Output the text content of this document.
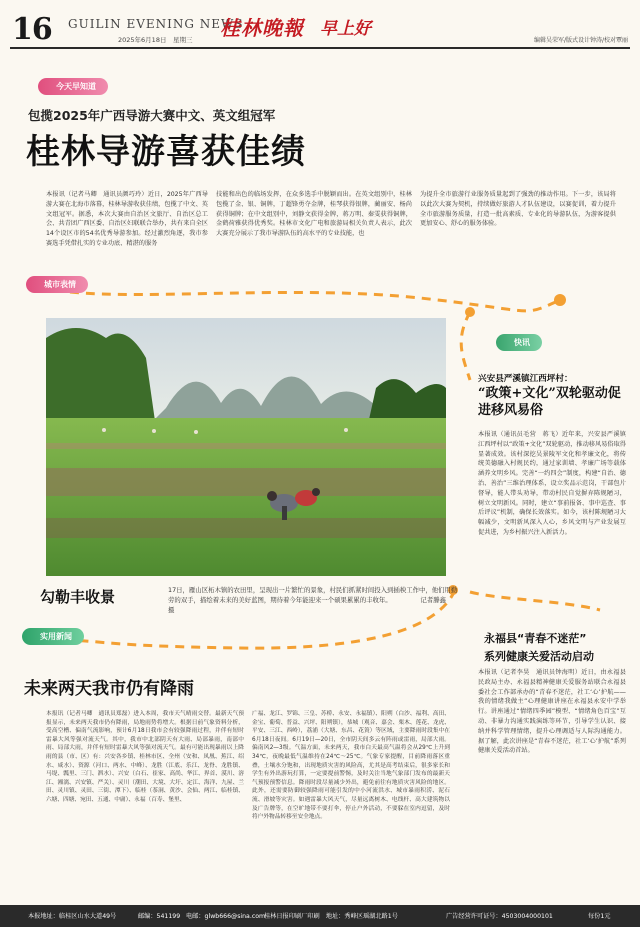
16 GUILIN EVENING NEWS
桂林晚報 早上好
2025年6月18日　星期三	编辑吴荣军/版式设计钟涛/校对覃丽
今天早知道
包揽2025年广西导游大赛中文、英文组冠军
桂林导游喜获佳绩
本报讯（记者马卿　通讯员颜巧玲）近日，2025年广西导游大赛在北海市落幕，桂林导游收获佳绩，包揽了中文、英文组冠军。据悉，本次大赛由自治区文旅厅、自治区总工会、共青团广西区委、自治区妇联联合举办，共有来自全区14个设区市的54名优秀导游参加。经过激烈角逐，我市参赛选手凭借扎实的专业功底、精湛的服务
技能和出色的临场发挥，在众多选手中脱颖而出。在英文组别中，桂林包揽了金、银、铜牌，丁超锋勇夺金牌，桂琴获得银牌，蔺丽安、杨尚获得铜牌；在中文组别中，刘静文获得金牌，蒋万明、秦雯获得铜牌，金鹤荷雅获得优秀奖。桂林市文化广电和旅游局相关负责人表示，此次大赛充分展示了我市导游队伍的高水平的专业技能，也
为提升全市旅游行业服务质量起到了强劲的推动作用。下一步，该局将以此次大赛为契机，持续做好旅游人才队伍建设，以赛促训，着力提升全市旅游服务质量，打造一批高素质、专业化的导游队伍，为游客提供更加安心、舒心的服务体验。
城市表情
勾勒丰收景	17日，雁山区柘木镇的农田里，呈现出一片繁忙的景象，村民们抓紧时间投入到插秧工作中，他们用勤劳的双手，描绘着未来的美好蓝图，期待着今年能迎来一个硕果累累的丰收年。　　　　　记者滕鑫　摄
快讯
兴安县严溪镇江西坪村：
“政策+文化”双轮驱动促进移风易俗
本报讯（通讯员毛营　蒋飞）近年来，兴安县严溪镇江西坪村以“政策+文化”双轮驱动，推动移风易俗取得显著成效。该村深挖吴景陵军文化和孝廉文化，将传统美德融入村规民约，通过家训墙、孝廉广场等载体涵养文明乡风。完善“一约四会”制度，构建“自治、德治、善治”三维治理体系，设立奖品示范岗，干部包片督导，能人带头劝导，带动村民自觉摒弃陈规陋习，树立文明新风。同时，建立“事前报备、事中巡查、事后评议”机制，确保长效落实。如今，该村陈规陋习大幅减少，文明新风深入人心，乡风文明与产业发展互促共进，为乡村振兴注入新活力。
永福县“青春不迷茫”
系列健康关爱活动启动
本报讯（记者李昊　通讯员钟海明）近日，由永福县民政局主办、永福县精神健康关爱服务站联合永福县委社会工作部承办的“青春不迷茫，社工‘心’护航——我的情绪我做主”心理健康讲座在永福县永安中学举行。讲座通过“情绪四季园”模型、“情绪角色百宝”互动、非暴力沟通实践演练等环节，引导学生认识、接纳并科学管理情绪，提升心理调适与人际沟通能力。据了解，此次讲座是“青春不迷茫，社工‘心’护航”系列健康关爱活动首站。
实用新闻
未来两天我市仍有降雨
本报讯（记者马卿　通讯员郑磊）进入本周，我市天气晴雨交替。最新天气预报显示，未来两天我市仍有降雨，局地雨势将增大。根据日前气象资料分析，受高空槽、偏南气流影响，预计6月18日我市会有较强降雨过程，并伴有短时雷暴大风等强对流天气。其中，我市中北部阴天有大雨、局部暴雨，南部中雨、局部大雨，并伴有短时雷暴大风等强对流天气。最有可能出现暴雨以上降雨的县（市、区）有：兴安各乡镇、桂林市区、全州（安和、凤凰、蕉江、绍水、咸水）、资源（河口、两水、中峰）、龙胜（江底、乐江、龙脊、龙胜镇、马堤、瓢里、三门、泗水）、兴安（白石、崔家、高尚、华江、界首、漠川、溶江、湘漓、兴安镇、严关）、灵川（潮田、大境、大圩、定江、海洋、九屋、兰田、灵川镇、灵田、三街、潭下）、临桂（茶洞、黄沙、会仙、两江、临桂镇、六塘、四塘、宛田、五通、中庸）、永福（百寿、堡里、
广福、龙江、罗锦、三皇、苏桥、永安、永福镇）、阳朔（白沙、福利、高田、金宝、葡萄、普益、兴坪、阳朔镇），恭城（观音、嘉会、栗木、莲花、龙虎、平安、三江、西岭），荔浦（大塘、东昌、花篢）等区域，主要降雨时段集中在6月18日夜间。6月19日—20日，全市阴天间多云有阵雨或雷雨，局部大雨。偏南风2—3级。气温方面，未来两天，我市白天最高气温将会从29℃上升到34℃，夜晚最低气温维持在24℃～25℃。气象专家提醒，目前降雨落区重叠，土壤水分饱和，出现地质灾害的风险高，尤其是高考结束后，很多家长和学生有外出游玩打算，一定要提前警惕，及时关注当地气象部门发布的最新天气预报预警信息。降雨时段尽量减少外出，避免前往有地质灾害风险的地区。此外，还需要防御较强降雨可能引发的中小河流洪水、城市暴雨积涝、泥石流、滑坡等灾害。如遇雷暴大风天气，尽量远离树木、电线杆、高大建筑物以及广告牌等，在空旷地带不要打伞，停止户外活动，不要躲在室内逗留，及时将户外物品转移至安全地点。
本报地址：临桂区山水大道49号	邮编：541199 电邮：glwb666@sina.com
桂林日报印刷厂印刷　地址：秀峰区瑶湖北路1号	广告经营许可证号：4503004000101	每份1元
